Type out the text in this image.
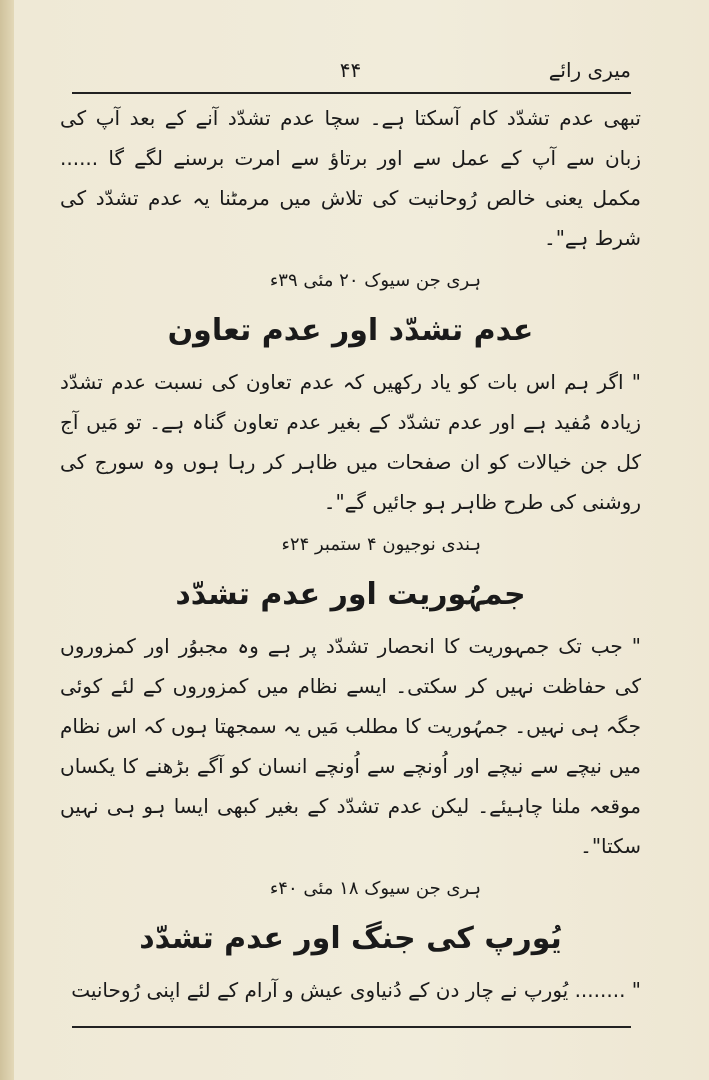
میری رائے
۴۴

تبھی عدم تشدّد کام آسکتا ہے۔ سچا عدم تشدّد آنے کے بعد آپ کی زبان سے آپ کے عمل سے اور برتاؤ سے امرت برسنے لگے گا ...... مکمل یعنی خالص رُوحانیت کی تلاش میں مرمٹنا یہ عدم تشدّد کی شرط ہے"۔

ہری جن سیوک ۲۰ مئی ۳۹ء
عدم تشدّد اور عدم تعاون

" اگر ہم اس بات کو یاد رکھیں کہ عدم تعاون کی نسبت عدم تشدّد زیادہ مُفید ہے اور عدم تشدّد کے بغیر عدم تعاون گناہ ہے۔ تو مَیں آج کل جن خیالات کو ان صفحات میں ظاہر کر رہا ہوں وہ سورج کی روشنی کی طرح ظاہر ہو جائیں گے"۔

ہندی نوجیون ۴ ستمبر ۲۴ء
جمہُوریت اور عدم تشدّد

" جب تک جمہوریت کا انحصار تشدّد پر ہے وہ مجبوُر اور کمزوروں کی حفاظت نہیں کر سکتی۔ ایسے نظام میں کمزوروں کے لئے کوئی جگہ ہی نہیں۔ جمہُوریت کا مطلب مَیں یہ سمجھتا ہوں کہ اس نظام میں نیچے سے نیچے اور اُونچے سے اُونچے انسان کو آگے بڑھنے کا یکساں موقعہ ملنا چاہیئے۔ لیکن عدم تشدّد کے بغیر کبھی ایسا ہو ہی نہیں سکتا"۔

ہری جن سیوک ۱۸ مئی ۴۰ء
یُورپ کی جنگ اور عدم تشدّد

" ........ یُورپ نے چار دن کے دُنیاوی عیش و آرام کے لئے اپنی رُوحانیت
